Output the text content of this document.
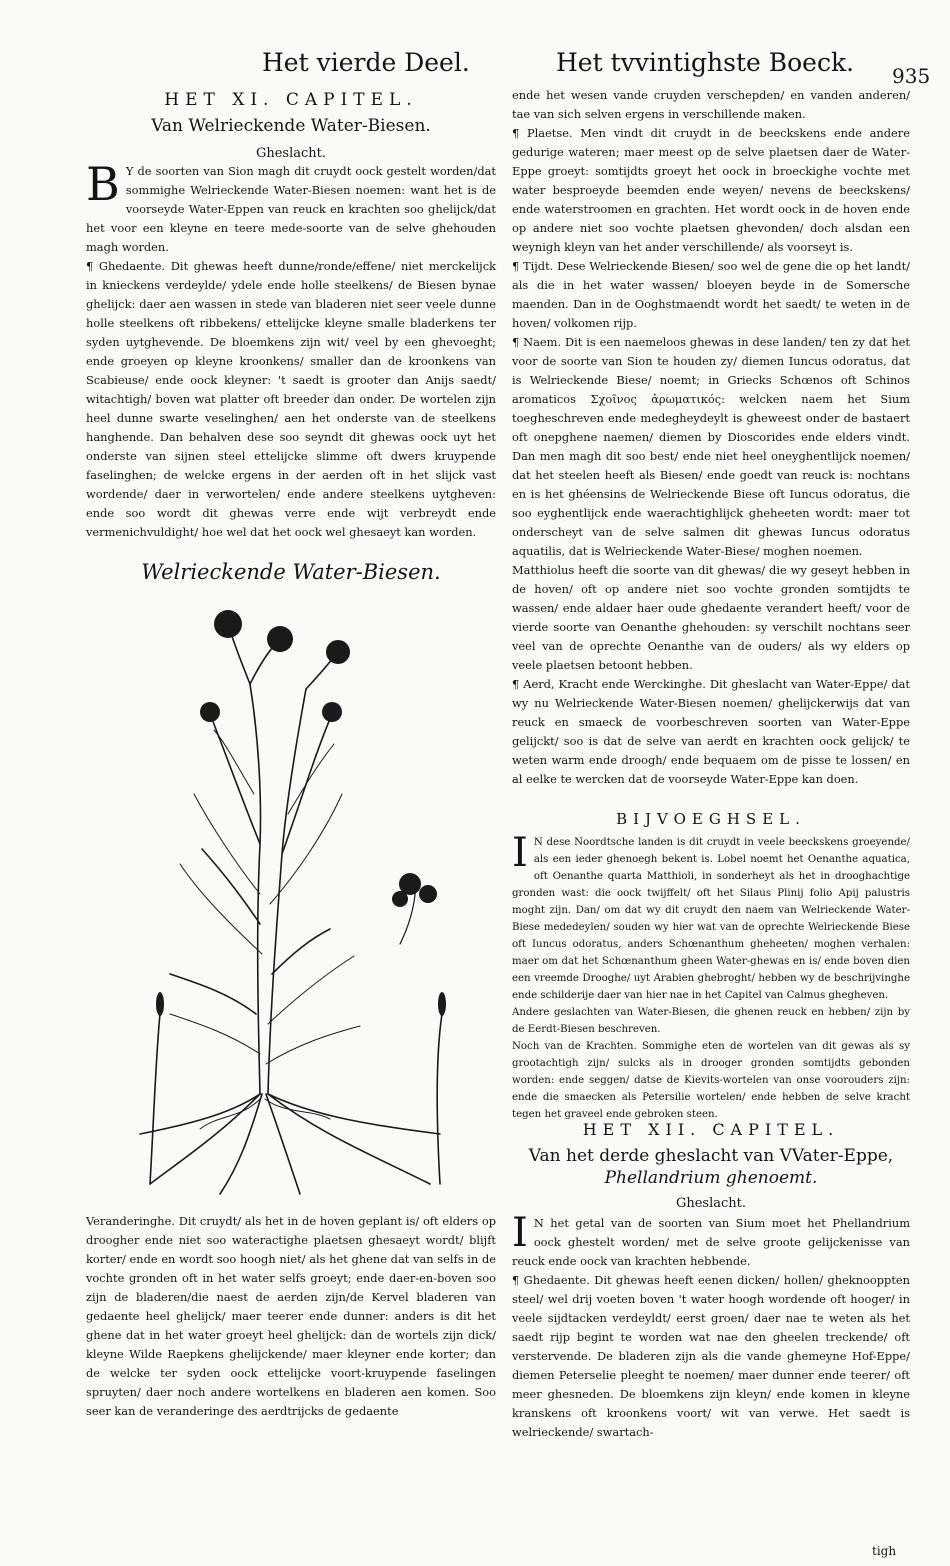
Het vierde Deel.	Het tvvintighste Boeck. 935
HET XI. CAPITEL.
Van Welrieckende Water-Biesen.
Gheslacht.
B Y de soorten van Sion magh dit cruydt oock gestelt worden/dat sommighe Welrieckende Water-Biesen noemen: want het is de voorseyde Water-Eppen van reuck en krachten soo ghelijck/dat het voor een kleyne en teere mede-soorte van de selve ghehouden magh worden.

¶ Ghedaente. Dit ghewas heeft dunne/ronde/effene/ niet merckelijck in knieckens verdeylde/ ydele ende holle steelkens/ de Biesen bynae ghelijck: daer aen wassen in stede van bladeren niet seer veele dunne holle steelkens oft ribbekens/ ettelijcke kleyne smalle bladerkens ter syden uytghevende. De bloemkens zijn wit/ veel by een ghevoeght; ende groeyen op kleyne kroonkens/ smaller dan de kroonkens van Scabieuse/ ende oock kleyner: 't saedt is grooter dan Anijs saedt/ witachtigh/ boven wat platter oft breeder dan onder. De wortelen zijn heel dunne swarte veselinghen/ aen het onderste van de steelkens hanghende. Dan behalven dese soo seyndt dit ghewas oock uyt het onderste van sijnen steel ettelijcke slimme oft dwers kruypende faselinghen; de welcke ergens in der aerden oft in het slijck vast wordende/ daer in verwortelen/ ende andere steelkens uytgheven: ende soo wordt dit ghewas verre ende wijt verbreydt ende vermenichvuldight/ hoe wel dat het oock wel ghesaeyt kan worden.

Welrieckende Water-Biesen.

Veranderinghe. Dit cruydt/ als het in de hoven geplant is/ oft elders op droogher ende niet soo wateractighe plaetsen ghesaeyt wordt/ blijft korter/ ende en wordt soo hoogh niet/ als het ghene dat van selfs in de vochte gronden oft in het water selfs groeyt; ende daer-en-boven soo zijn de bladeren/die naest de aerden zijn/de Kervel bladeren van gedaente heel ghelijck/ maer teerer ende dunner: anders is dit het ghene dat in het water groeyt heel ghelijck: dan de wortels zijn dick/ kleyne Wilde Raepkens ghelijckende/ maer kleyner ende korter; dan de welcke ter syden oock ettelijcke voort-kruypende faselingen spruyten/ daer noch andere wortelkens en bladeren aen komen. Soo seer kan de veranderinge des aerdtrijcks de gedaente

ende het wesen vande cruyden verschepden/ en vanden anderen/ tae van sich selven ergens in verschillende maken.

¶ Plaetse. Men vindt dit cruydt in de beeckskens ende andere gedurige wateren; maer meest op de selve plaetsen daer de Water-Eppe groeyt: somtijdts groeyt het oock in broeckighe vochte met water besproeyde beemden ende weyen/ nevens de beeckskens/ ende waterstroomen en grachten. Het wordt oock in de hoven ende op andere niet soo vochte plaetsen ghevonden/ doch alsdan een weynigh kleyn van het ander verschillende/ als voorseyt is.

¶ Tijdt. Dese Welrieckende Biesen/ soo wel de gene die op het landt/ als die in het water wassen/ bloeyen beyde in de Somersche maenden. Dan in de Ooghstmaendt wordt het saedt/ te weten in de hoven/ volkomen rijp.

¶ Naem. Dit is een naemeloos ghewas in dese landen/ ten zy dat het voor de soorte van Sion te houden zy/ diemen Iuncus odoratus, dat is Welrieckende Biese/ noemt; in Griecks Schœnos oft Schinos aromaticos Σχοῖνος ἀρωματικός: welcken naem het Sium toegheschreven ende medegheydeylt is gheweest onder de bastaert oft onepghene naemen/ diemen by Dioscorides ende elders vindt. Dan men magh dit soo best/ ende niet heel oneyghentlijck noemen/ dat het steelen heeft als Biesen/ ende goedt van reuck is: nochtans en is het ghéensins de Welrieckende Biese oft Iuncus odoratus, die soo eyghentlijck ende waerachtighlijck gheheeten wordt: maer tot onderscheyt van de selve salmen dit ghewas Iuncus odoratus aquatilis, dat is Welrieckende Water-Biese/ moghen noemen.

Matthiolus heeft die soorte van dit ghewas/ die wy geseyt hebben in de hoven/ oft op andere niet soo vochte gronden somtijdts te wassen/ ende aldaer haer oude ghedaente verandert heeft/ voor de vierde soorte van Oenanthe ghehouden: sy verschilt nochtans seer veel van de oprechte Oenanthe van de ouders/ als wy elders op veele plaetsen betoont hebben.

¶ Aerd, Kracht ende Werckinghe. Dit gheslacht van Water-Eppe/ dat wy nu Welrieckende Water-Biesen noemen/ ghelijckerwijs dat van reuck en smaeck de voorbeschreven soorten van Water-Eppe gelijckt/ soo is dat de selve van aerdt en krachten oock gelijck/ te weten warm ende droogh/ ende bequaem om de pisse te lossen/ en al eelke te wercken dat de voorseyde Water-Eppe kan doen.

BIJVOEGHSEL.
I N dese Noordtsche landen is dit cruydt in veele beeckskens groeyende/ als een ieder ghenoegh bekent is. Lobel noemt het Oenanthe aquatica, oft Oenanthe quarta Matthioli, in sonderheyt als het in drooghachtige gronden wast: die oock twijffelt/ oft het Silaus Plinij folio Apij palustris moght zijn. Dan/ om dat wy dit cruydt den naem van Welrieckende Water-Biese mededeylen/ souden wy hier wat van de oprechte Welrieckende Biese oft Iuncus odoratus, anders Schœnanthum gheheeten/ moghen verhalen: maer om dat het Schœnanthum gheen Water-ghewas en is/ ende boven dien een vreemde Drooghe/ uyt Arabien ghebroght/ hebben wy de beschrijvinghe ende schilderije daer van hier nae in het Capitel van Calmus ghegheven.

Andere geslachten van Water-Biesen, die ghenen reuck en hebben/ zijn by de Eerdt-Biesen beschreven.

Noch van de Krachten. Sommighe eten de wortelen van dit gewas als sy grootachtigh zijn/ sulcks als in drooger gronden somtijdts gebonden worden: ende seggen/ datse de Kievits-wortelen van onse voorouders zijn: ende die smaecken als Petersilie wortelen/ ende hebben de selve kracht tegen het graveel ende gebroken steen.

HET XII. CAPITEL.
Van het derde gheslacht van VVater-Eppe,
Phellandrium ghenoemt.
Gheslacht.
I N het getal van de soorten van Sium moet het Phellandrium oock ghestelt worden/ met de selve groote gelijckenisse van reuck ende oock van krachten hebbende.

¶ Ghedaente. Dit ghewas heeft eenen dicken/ hollen/ gheknooppten steel/ wel drij voeten boven 't water hoogh wordende oft hooger/ in veele sijdtacken verdeyldt/ eerst groen/ daer nae te weten als het saedt rijp begint te worden wat nae den gheelen treckende/ oft verstervende. De bladeren zijn als die vande ghemeyne Hof-Eppe/ diemen Peterselie pleeght te noemen/ maer dunner ende teerer/ oft meer ghesneden. De bloemkens zijn kleyn/ ende komen in kleyne kranskens oft kroonkens voort/ wit van verwe. Het saedt is welrieckende/ swartach-

tigh
